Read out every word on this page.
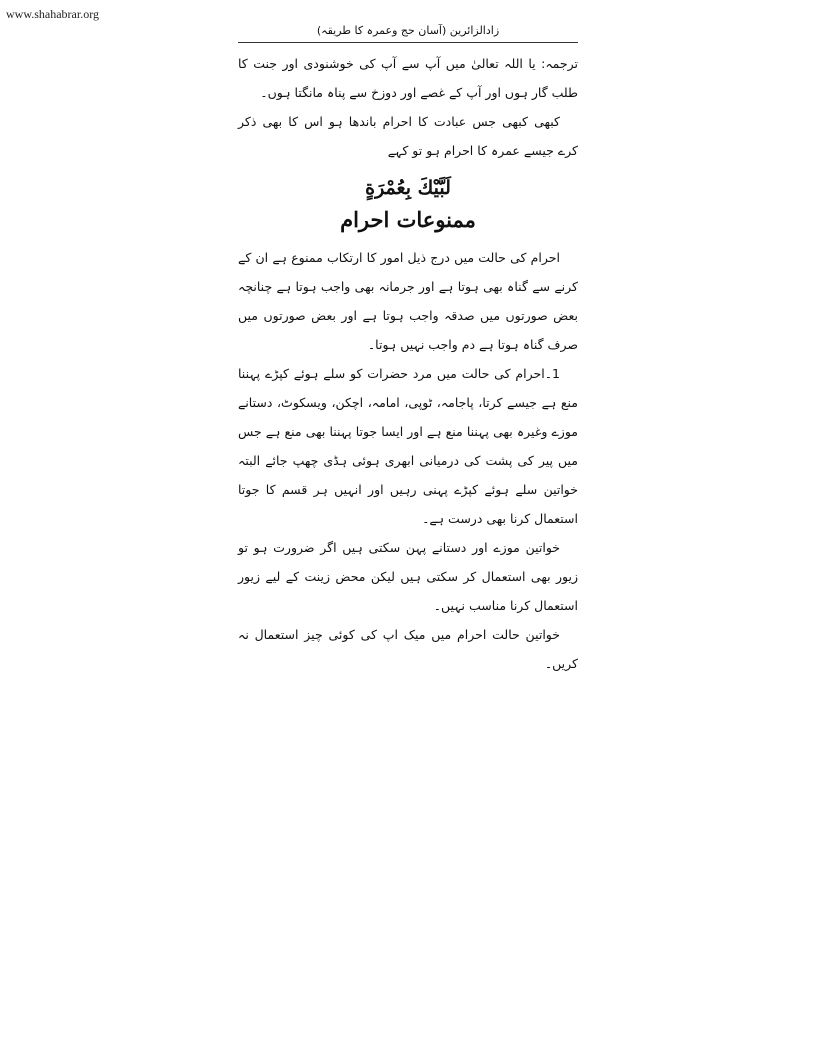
www.shahabrar.org
زادالزائرین (آسان حج وعمرہ کا طریقہ)

ترجمہ: یا اللہ تعالیٰ میں آپ سے آپ کی خوشنودی اور جنت کا طلب گار ہوں اور آپ کے غصے اور دوزخ سے پناہ مانگتا ہوں۔

کبھی کبھی جس عبادت کا احرام باندھا ہو اس کا بھی ذکر کرے جیسے عمرہ کا احرام ہو تو کہے

لَبَّيْكَ بِعُمْرَةٍ
ممنوعات احرام

احرام کی حالت میں درج ذیل امور کا ارتکاب ممنوع ہے ان کے کرنے سے گناہ بھی ہوتا ہے اور جرمانہ بھی واجب ہوتا ہے چنانچہ بعض صورتوں میں صدقہ واجب ہوتا ہے اور بعض صورتوں میں صرف گناہ ہوتا ہے دم واجب نہیں ہوتا۔

1۔احرام کی حالت میں مرد حضرات کو سلے ہوئے کپڑے پہننا منع ہے جیسے کرتا، پاجامہ، ٹوپی، امامہ، اچکن، ویسکوٹ، دستانے موزے وغیرہ بھی پہننا منع ہے اور ایسا جوتا پہننا بھی منع ہے جس میں پیر کی پشت کی درمیانی ابھری ہوئی ہڈی چھپ جائے البتہ خواتین سلے ہوئے کپڑے پہنی رہیں اور انہیں ہر قسم کا جوتا استعمال کرنا بھی درست ہے۔

خواتین موزے اور دستانے پہن سکتی ہیں اگر ضرورت ہو تو زیور بھی استعمال کر سکتی ہیں لیکن محض زینت کے لیے زیور استعمال کرنا مناسب نہیں۔

خواتین حالت احرام میں میک اپ کی کوئی چیز استعمال نہ کریں۔
